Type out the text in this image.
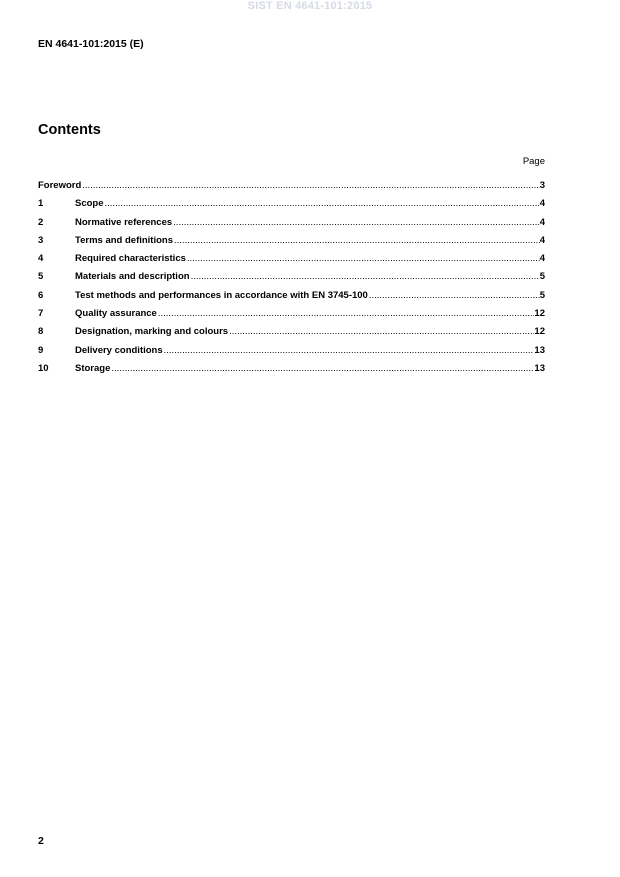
SIST EN 4641-101:2015
EN 4641-101:2015 (E)
Contents
Page
Foreword .....	3
1	Scope .....	4
2	Normative references .....	4
3	Terms and definitions .....	4
4	Required characteristics .....	4
5	Materials and description .....	5
6	Test methods and performances in accordance with EN 3745-100 .....	5
7	Quality assurance .....	12
8	Designation, marking and colours .....	12
9	Delivery conditions .....	13
10	Storage .....	13
2
